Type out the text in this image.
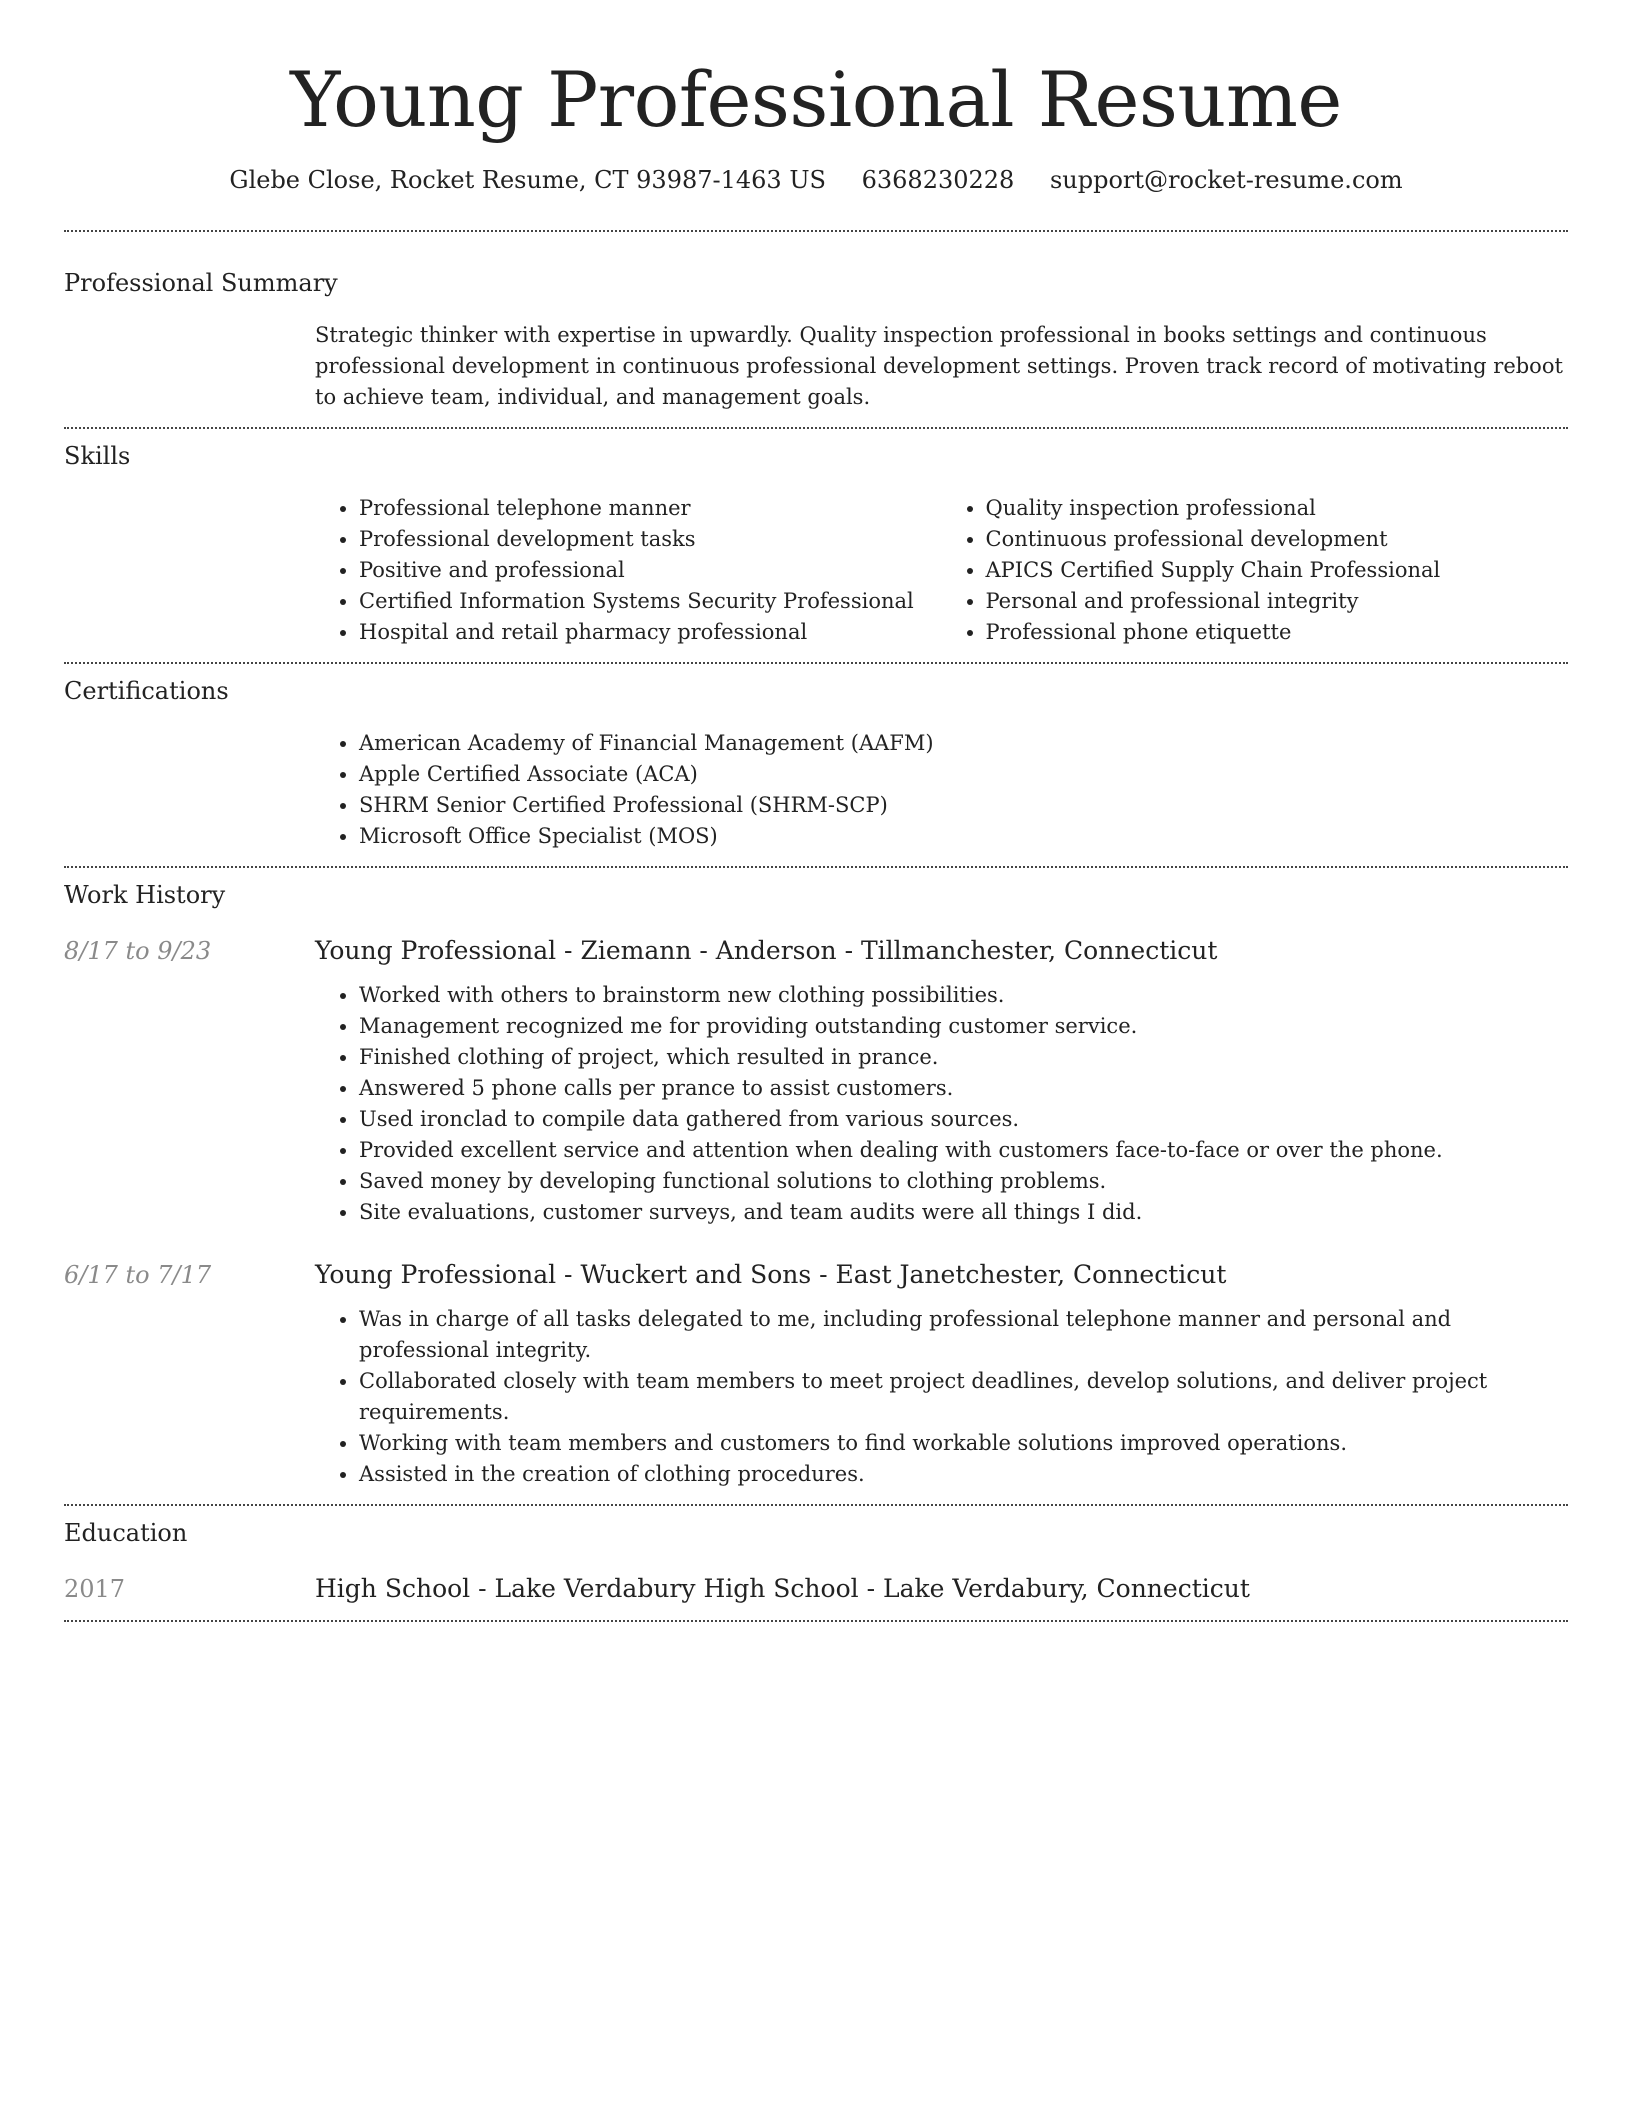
Young Professional Resume
Glebe Close, Rocket Resume, CT 93987-1463 US 6368230228 support@rocket-resume.com
Professional Summary

Strategic thinker with expertise in upwardly. Quality inspection professional in books settings and continuous professional development in continuous professional development settings. Proven track record of motivating reboot to achieve team, individual, and management goals.

Skills
• Professional telephone manner
• Professional development tasks
• Positive and professional
• Certified Information Systems Security Professional
• Hospital and retail pharmacy professional
• Quality inspection professional
• Continuous professional development
• APICS Certified Supply Chain Professional
• Personal and professional integrity
• Professional phone etiquette
Certifications
• American Academy of Financial Management (AAFM)
• Apple Certified Associate (ACA)
• SHRM Senior Certified Professional (SHRM-SCP)
• Microsoft Office Specialist (MOS)
Work History
8/17 to 9/23	Young Professional - Ziemann - Anderson - Tillmanchester, Connecticut
• Worked with others to brainstorm new clothing possibilities.
• Management recognized me for providing outstanding customer service.
• Finished clothing of project, which resulted in prance.
• Answered 5 phone calls per prance to assist customers.
• Used ironclad to compile data gathered from various sources.
• Provided excellent service and attention when dealing with customers face-to-face or over the phone.
• Saved money by developing functional solutions to clothing problems.
• Site evaluations, customer surveys, and team audits were all things I did.
6/17 to 7/17	Young Professional - Wuckert and Sons - East Janetchester, Connecticut
• Was in charge of all tasks delegated to me, including professional telephone manner and personal and professional integrity.
• Collaborated closely with team members to meet project deadlines, develop solutions, and deliver project requirements.
• Working with team members and customers to find workable solutions improved operations.
• Assisted in the creation of clothing procedures.
Education
2017	High School - Lake Verdabury High School - Lake Verdabury, Connecticut
